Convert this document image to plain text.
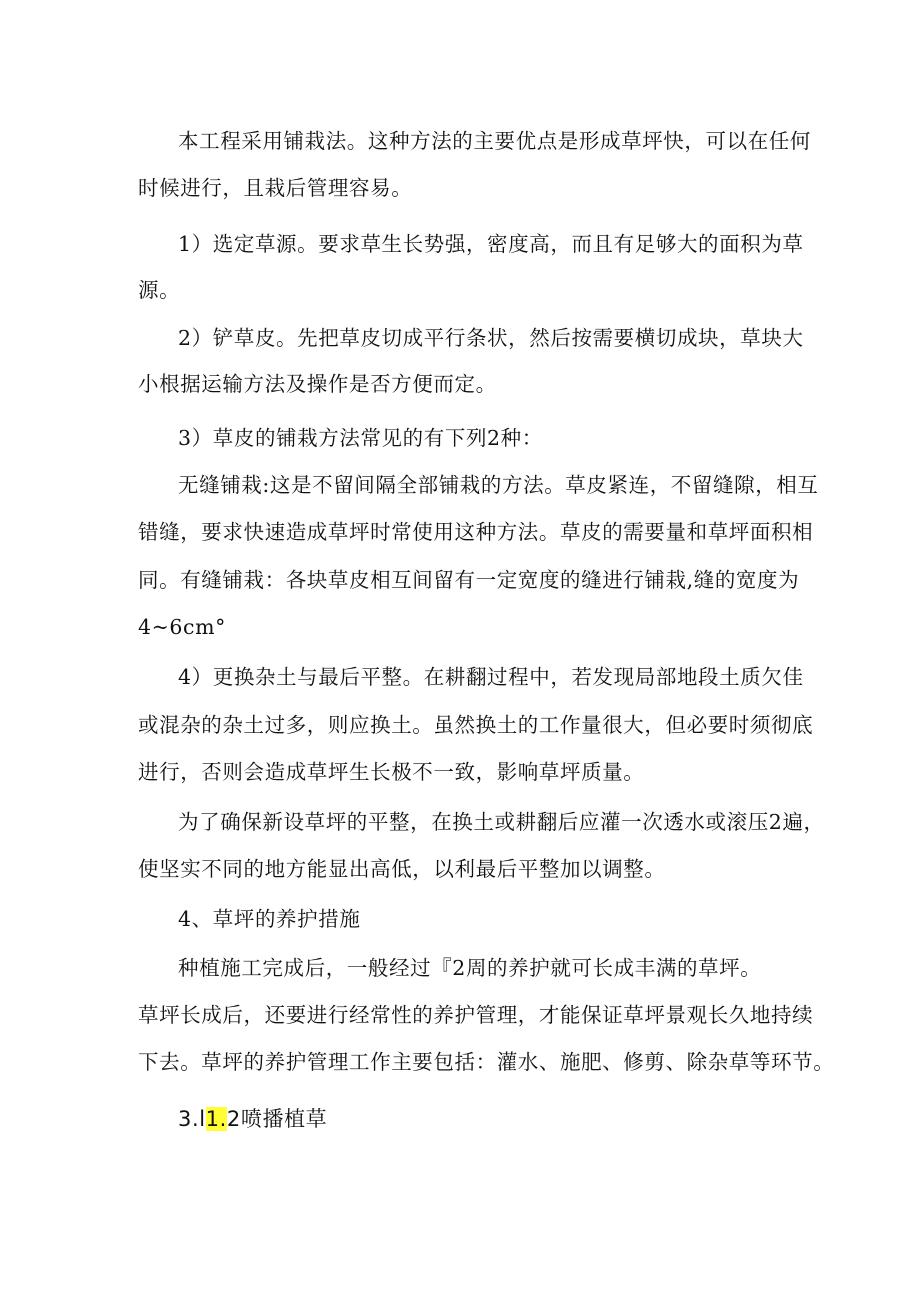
本工程采用铺栽法。这种方法的主要优点是形成草坪快，可以在任何
时候进行，且栽后管理容易。
1）选定草源。要求草生长势强，密度高，而且有足够大的面积为草
源。
2）铲草皮。先把草皮切成平行条状，然后按需要横切成块，草块大
小根据运输方法及操作是否方便而定。
3）草皮的铺栽方法常见的有下列2种：
无缝铺栽:这是不留间隔全部铺栽的方法。草皮紧连，不留缝隙，相互
错缝，要求快速造成草坪时常使用这种方法。草皮的需要量和草坪面积相
同。有缝铺栽：各块草皮相互间留有一定宽度的缝进行铺栽,缝的宽度为
4~6cm°
4）更换杂土与最后平整。在耕翻过程中，若发现局部地段土质欠佳
或混杂的杂土过多，则应换土。虽然换土的工作量很大，但必要时须彻底
进行，否则会造成草坪生长极不一致，影响草坪质量。
为了确保新设草坪的平整，在换土或耕翻后应灌一次透水或滚压2遍，
使坚实不同的地方能显出高低，以利最后平整加以调整。
4、草坪的养护措施
种植施工完成后，一般经过『2周的养护就可长成丰满的草坪。
草坪长成后，还要进行经常性的养护管理，才能保证草坪景观长久地持续
下去。草坪的养护管理工作主要包括：灌水、施肥、修剪、除杂草等环节。
3.l1.2喷播植草
